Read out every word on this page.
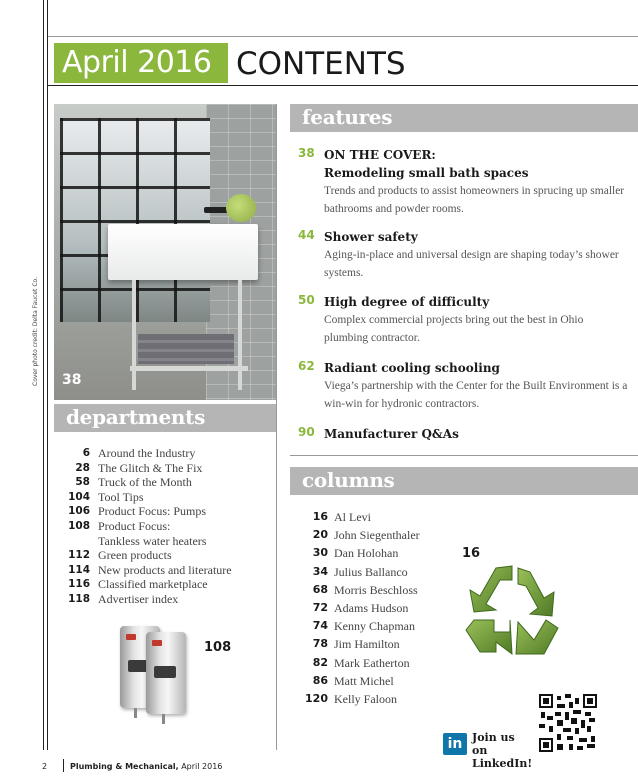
April 2016 CONTENTS
38
Cover photo credit: Delta Faucet Co.
features
38 ON THE COVER:
Remodeling small bath spaces
Trends and products to assist homeowners in sprucing up smaller bathrooms and powder rooms.
44 Shower safety
Aging-in-place and universal design are shaping today’s shower systems.
50 High degree of difficulty
Complex commercial projects bring out the best in Ohio plumbing contractor.
62 Radiant cooling schooling
Viega’s partnership with the Center for the Built Environment is a win-win for hydronic contractors.
90 Manufacturer Q&As
departments
6 Around the Industry
28 The Glitch & The Fix
58 Truck of the Month
104 Tool Tips
106 Product Focus: Pumps
108 Product Focus:
Tankless water heaters
112 Green products
114 New products and literature
116 Classified marketplace
118 Advertiser index
108
columns
16 Al Levi
20 John Siegenthaler
30 Dan Holohan
34 Julius Ballanco
68 Morris Beschloss
72 Adams Hudson
74 Kenny Chapman
78 Jim Hamilton
82 Mark Eatherton
86 Matt Michel
120 Kelly Faloon
16
in Join us on
LinkedIn!
2	Plumbing & Mechanical, April 2016
